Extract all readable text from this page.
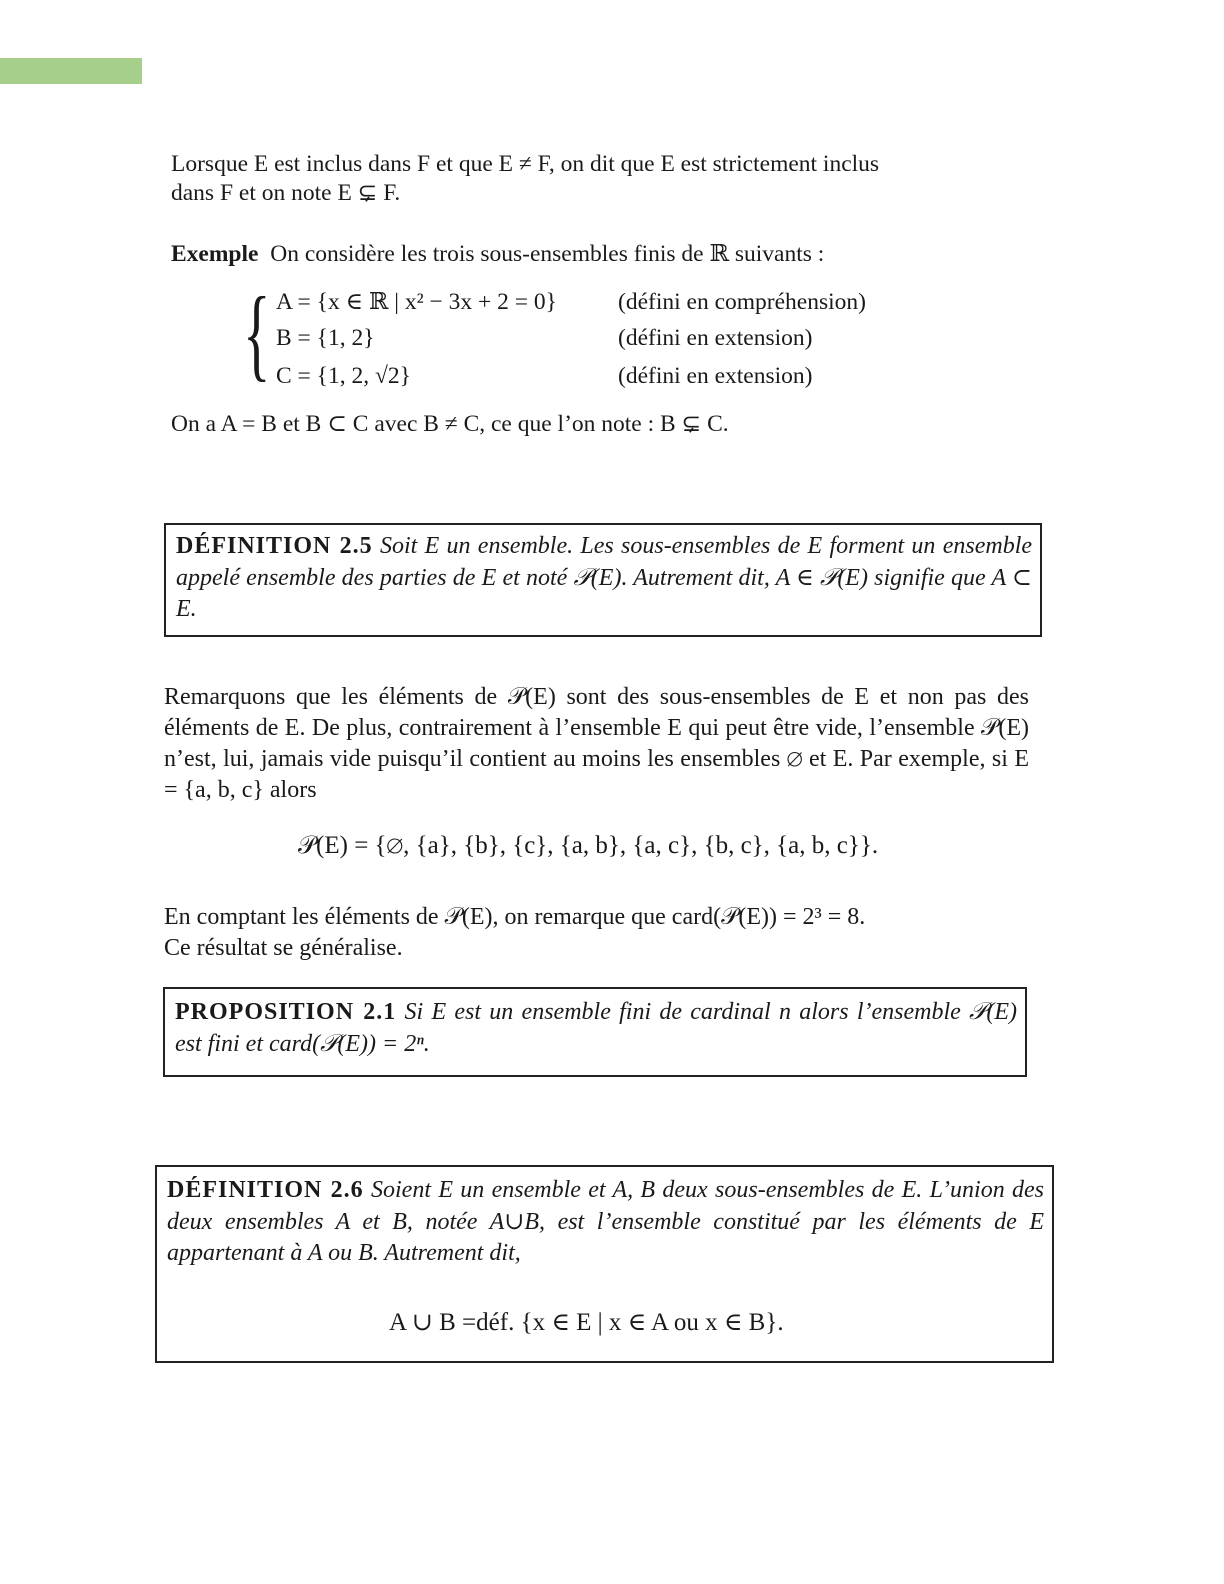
Lorsque E est inclus dans F et que E ≠ F, on dit que E est strictement inclus
dans F et on note E ⊊ F.
Exemple On considère les trois sous-ensembles finis de ℝ suivants :
{ A = {x ∈ ℝ | x² − 3x + 2 = 0}	(défini en compréhension)
B = {1, 2}	(défini en extension)
C = {1, 2, √2}	(défini en extension)
On a A = B et B ⊂ C avec B ≠ C, ce que l’on note : B ⊊ C.
DÉFINITION 2.5 Soit E un ensemble. Les sous-ensembles de E forment un ensemble appelé ensemble des parties de E et noté 𝒫(E). Autrement dit, A ∈ 𝒫(E) signifie que A ⊂ E.
Remarquons que les éléments de 𝒫(E) sont des sous-ensembles de E et non pas des éléments de E. De plus, contrairement à l’ensemble E qui peut être vide, l’ensemble 𝒫(E) n’est, lui, jamais vide puisqu’il contient au moins les ensembles ∅ et E. Par exemple, si E = {a, b, c} alors
𝒫(E) = {∅, {a}, {b}, {c}, {a, b}, {a, c}, {b, c}, {a, b, c}}.
En comptant les éléments de 𝒫(E), on remarque que card(𝒫(E)) = 2³ = 8.
Ce résultat se généralise.
PROPOSITION 2.1 Si E est un ensemble fini de cardinal n alors l’ensemble 𝒫(E) est fini et card(𝒫(E)) = 2ⁿ.
DÉFINITION 2.6 Soient E un ensemble et A, B deux sous-ensembles de E. L’union des deux ensembles A et B, notée A∪B, est l’ensemble constitué par les éléments de E appartenant à A ou B. Autrement dit,
A ∪ B =déf. {x ∈ E | x ∈ A ou x ∈ B}.
